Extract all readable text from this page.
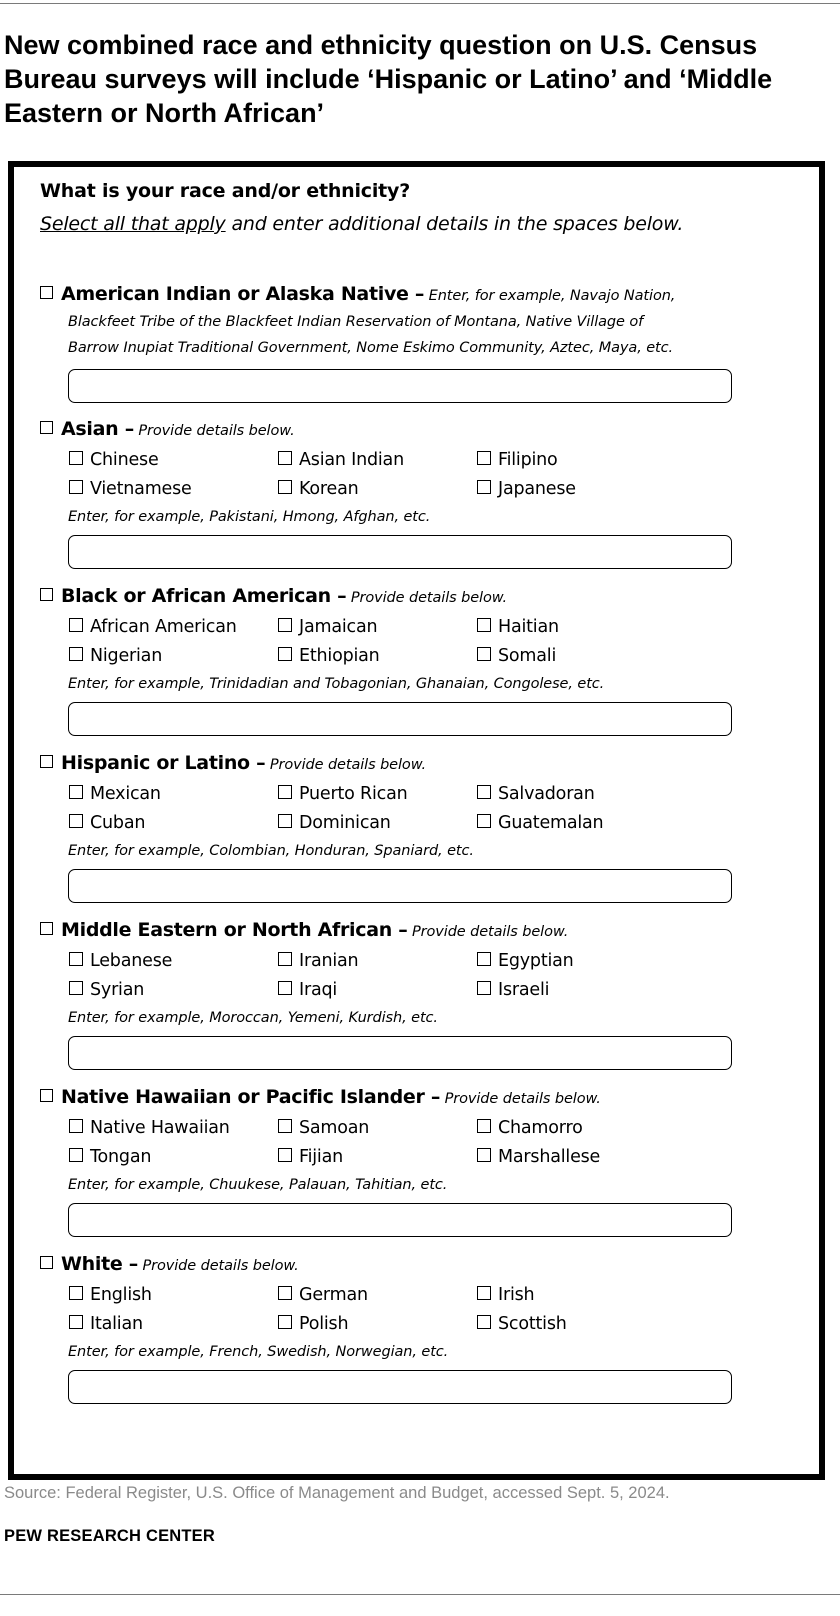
New combined race and ethnicity question on U.S. Census Bureau surveys will include ‘Hispanic or Latino’ and ‘Middle Eastern or North African’
What is your race and/or ethnicity?
Select all that apply and enter additional details in the spaces below.
American Indian or Alaska Native – Enter, for example, Navajo Nation,
Blackfeet Tribe of the Blackfeet Indian Reservation of Montana, Native Village of
Barrow Inupiat Traditional Government, Nome Eskimo Community, Aztec, Maya, etc.
Asian – Provide details below.
Chinese	Asian Indian	Filipino
Vietnamese	Korean	Japanese
Enter, for example, Pakistani, Hmong, Afghan, etc.
Black or African American – Provide details below.
African American	Jamaican	Haitian
Nigerian	Ethiopian	Somali
Enter, for example, Trinidadian and Tobagonian, Ghanaian, Congolese, etc.
Hispanic or Latino – Provide details below.
Mexican	Puerto Rican	Salvadoran
Cuban	Dominican	Guatemalan
Enter, for example, Colombian, Honduran, Spaniard, etc.
Middle Eastern or North African – Provide details below.
Lebanese	Iranian	Egyptian
Syrian	Iraqi	Israeli
Enter, for example, Moroccan, Yemeni, Kurdish, etc.
Native Hawaiian or Pacific Islander – Provide details below.
Native Hawaiian	Samoan	Chamorro
Tongan	Fijian	Marshallese
Enter, for example, Chuukese, Palauan, Tahitian, etc.
White – Provide details below.
English	German	Irish
Italian	Polish	Scottish
Enter, for example, French, Swedish, Norwegian, etc.
Source: Federal Register, U.S. Office of Management and Budget, accessed Sept. 5, 2024.
PEW RESEARCH CENTER
